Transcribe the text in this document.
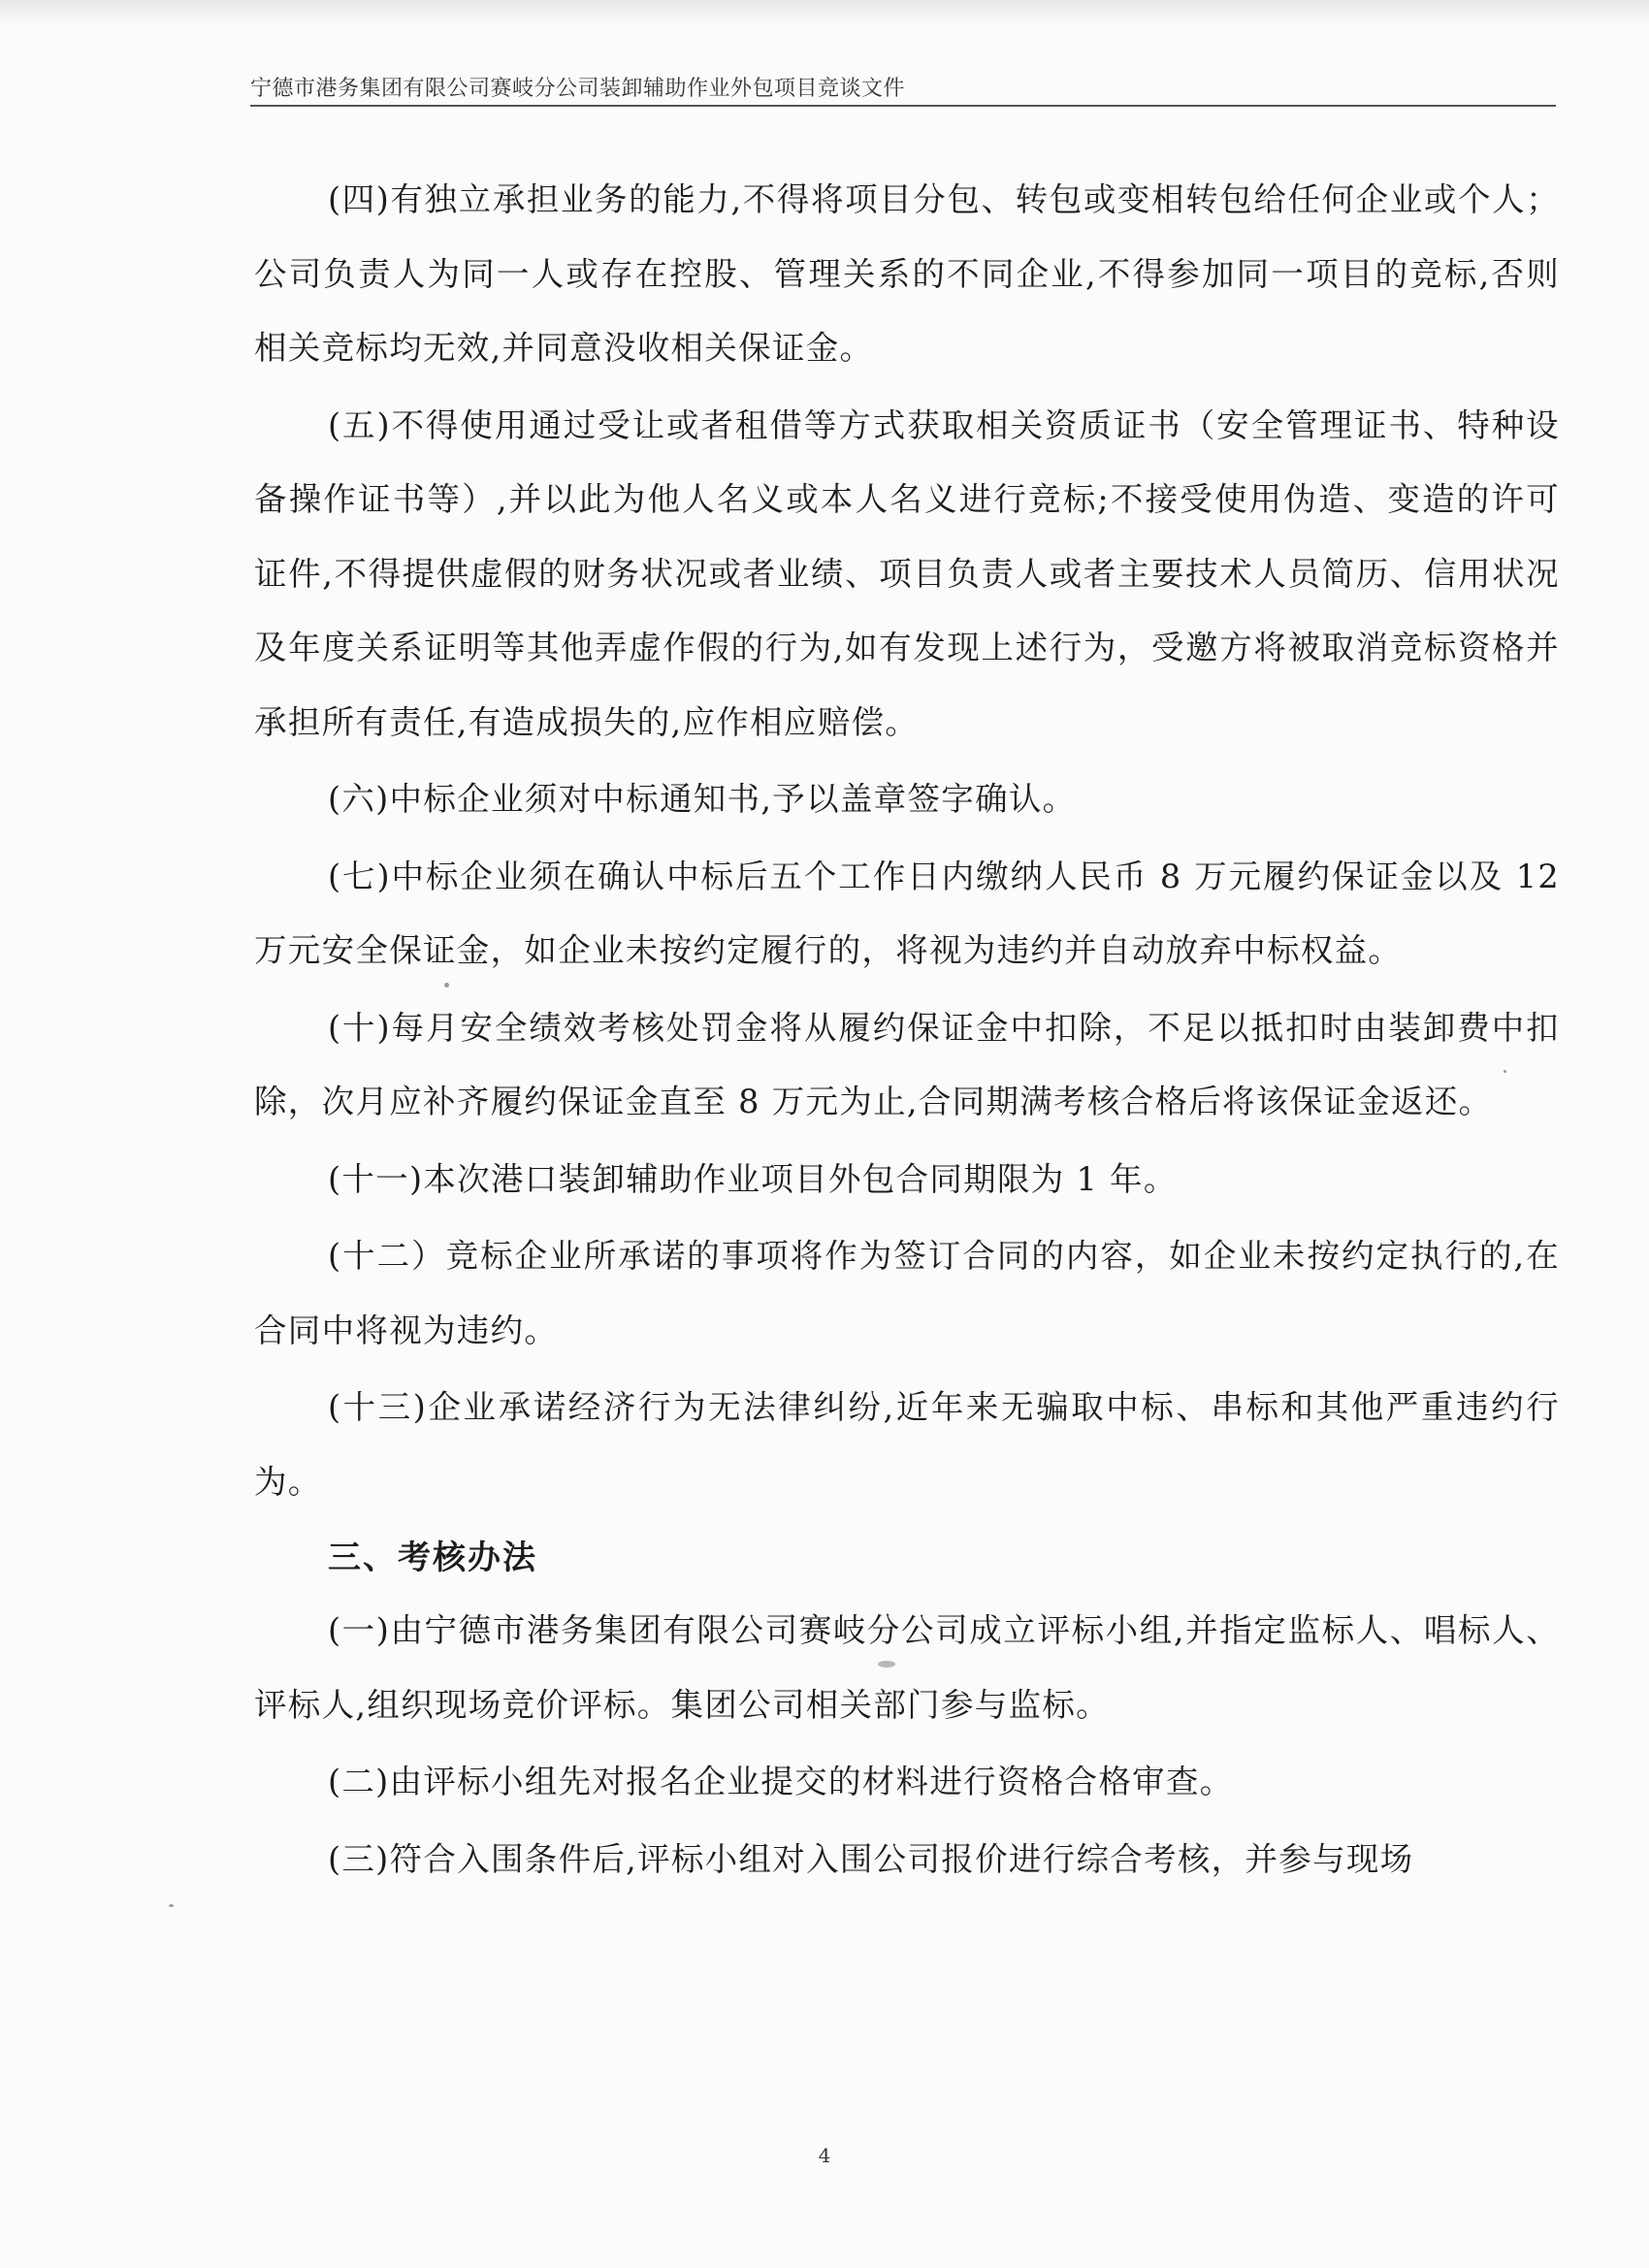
宁德市港务集团有限公司赛岐分公司装卸辅助作业外包项目竞谈文件

(四)有独立承担业务的能力,不得将项目分包、转包或变相转包给任何企业或个人；公司负责人为同一人或存在控股、管理关系的不同企业,不得参加同一项目的竞标,否则相关竞标均无效,并同意没收相关保证金。

(五)不得使用通过受让或者租借等方式获取相关资质证书（安全管理证书、特种设备操作证书等）,并以此为他人名义或本人名义进行竞标;不接受使用伪造、变造的许可证件,不得提供虚假的财务状况或者业绩、项目负责人或者主要技术人员简历、信用状况及年度关系证明等其他弄虚作假的行为,如有发现上述行为，受邀方将被取消竞标资格并承担所有责任,有造成损失的,应作相应赔偿。

(六)中标企业须对中标通知书,予以盖章签字确认。

(七)中标企业须在确认中标后五个工作日内缴纳人民币 8 万元履约保证金以及 12 万元安全保证金，如企业未按约定履行的，将视为违约并自动放弃中标权益。

(十)每月安全绩效考核处罚金将从履约保证金中扣除，不足以抵扣时由装卸费中扣除，次月应补齐履约保证金直至 8 万元为止,合同期满考核合格后将该保证金返还。

(十一)本次港口装卸辅助作业项目外包合同期限为 1 年。

(十二）竞标企业所承诺的事项将作为签订合同的内容，如企业未按约定执行的,在合同中将视为违约。

(十三)企业承诺经济行为无法律纠纷,近年来无骗取中标、串标和其他严重违约行为。

三、考核办法

(一)由宁德市港务集团有限公司赛岐分公司成立评标小组,并指定监标人、唱标人、评标人,组织现场竞价评标。集团公司相关部门参与监标。

(二)由评标小组先对报名企业提交的材料进行资格合格审查。

(三)符合入围条件后,评标小组对入围公司报价进行综合考核，并参与现场

4
